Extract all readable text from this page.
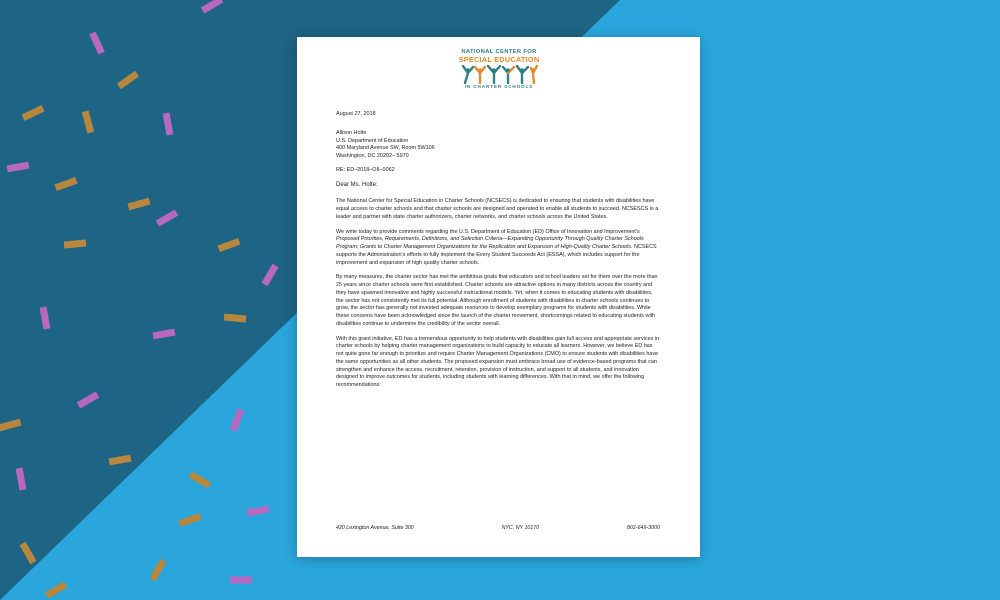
NATIONAL CENTER FOR
SPECIAL EDUCATION
IN CHARTER SCHOOLS
August 27, 2018
Allison Holte
U.S. Department of Education
400 Maryland Avenue SW, Room 5W106
Washington, DC 20202– 5970
RE: ED–2018–OII–0062
Dear Ms. Holte:

The National Center for Special Education in Charter Schools (NCSECS) is dedicated to ensuring that students with disabilities have equal access to charter schools and that charter schools are designed and operated to enable all students to succeed. NCSESCS is a leader and partner with state charter authorizers, charter networks, and charter schools across the United States.

We write today to provide comments regarding the U.S. Department of Education (ED) Office of Innovation and Improvement's Proposed Priorities, Requirements, Definitions, and Selection Criteria—Expanding Opportunity Through Quality Charter Schools Program; Grants to Charter Management Organizations for the Replication and Expansion of High-Quality Charter Schools. NCSECS supports the Administration's efforts to fully implement the Every Student Succeeds Act (ESSA), which includes support for the improvement and expansion of high quality charter schools.

By many measures, the charter sector has met the ambitious goals that educators and school leaders set for them over the more than 25 years since charter schools were first established. Charter schools are attractive options in many districts across the country and they have spawned innovative and highly successful instructional models. Yet, when it comes to educating students with disabilities, the sector has not consistently met its full potential. Although enrollment of students with disabilities in charter schools continues to grow, the sector has generally not invested adequate resources to develop exemplary programs for students with disabilities. While these concerns have been acknowledged since the launch of the charter movement, shortcomings related to educating students with disabilities continue to undermine the credibility of the sector overall.

With this grant initiative, ED has a tremendous opportunity to help students with disabilities gain full access and appropriate services in charter schools by helping charter management organizations to build capacity to educate all learners. However, we believe ED has not quite gone far enough to prioritize and require Charter Management Organizations (CMO) to ensure students with disabilities have the same opportunities as all other students. The proposed expansion must embrace broad use of evidence-based programs that can strengthen and enhance the access, recruitment, retention, provision of instruction, and support to all students, and innovation designed to improve outcomes for students, including students with learning differences. With that in mind, we offer the following recommendations:

420 Lexington Avenue, Suite 300	NYC, NY 10170	802-649-3000
